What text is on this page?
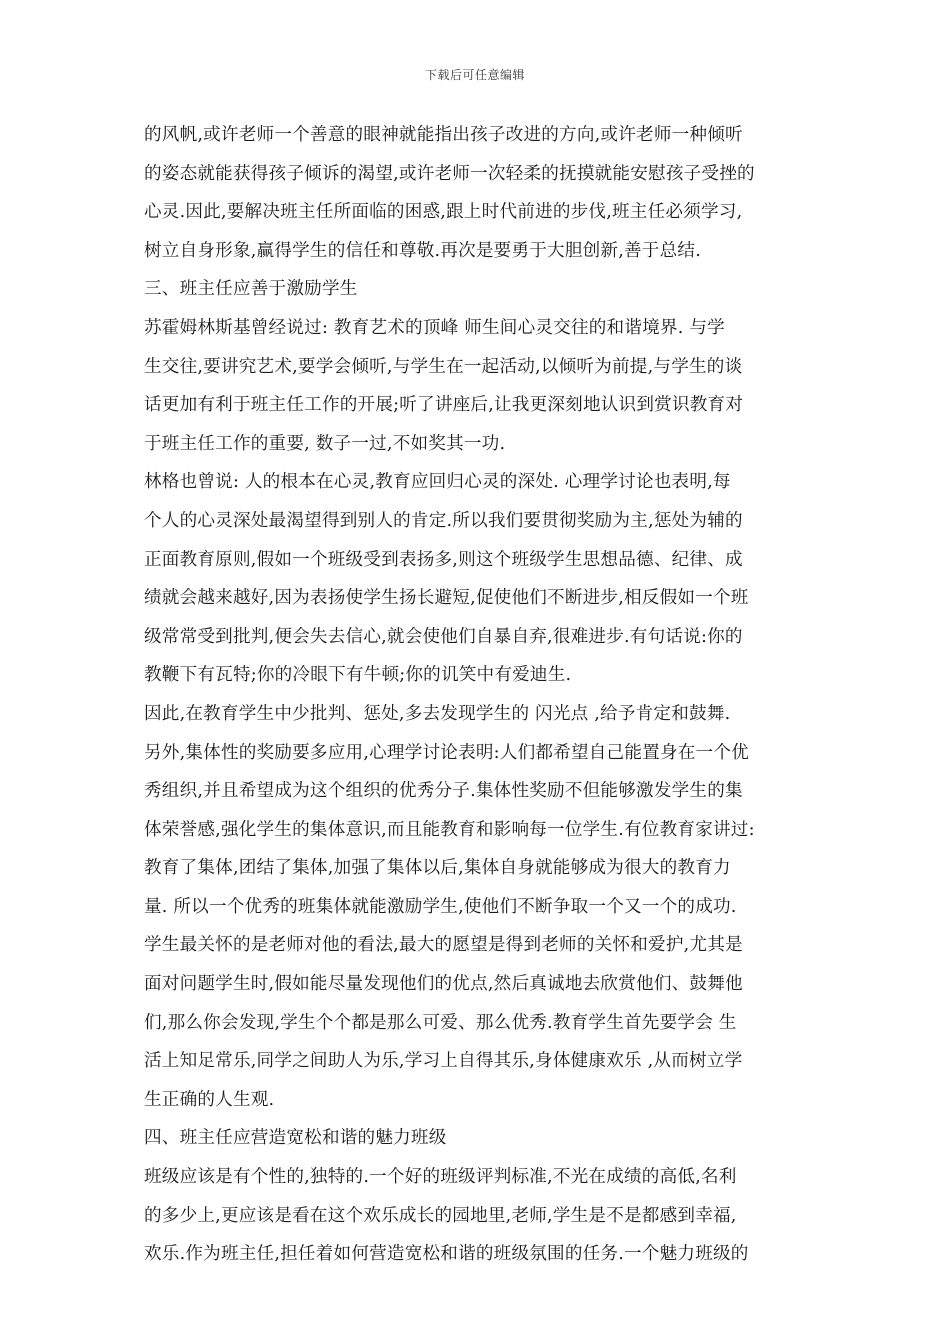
下载后可任意编辑
的风帆,或许老师一个善意的眼神就能指出孩子改进的方向,或许老师一种倾听
的姿态就能获得孩子倾诉的渴望,或许老师一次轻柔的抚摸就能安慰孩子受挫的
心灵.因此,要解决班主任所面临的困惑,跟上时代前进的步伐,班主任必须学习,
树立自身形象,赢得学生的信任和尊敬.再次是要勇于大胆创新,善于总结.
三、班主任应善于激励学生
苏霍姆林斯基曾经说过: 教育艺术的顶峰 师生间心灵交往的和谐境界. 与学
生交往,要讲究艺术,要学会倾听,与学生在一起活动,以倾听为前提,与学生的谈
话更加有利于班主任工作的开展;听了讲座后,让我更深刻地认识到赏识教育对
于班主任工作的重要, 数子一过,不如奖其一功.
林格也曾说: 人的根本在心灵,教育应回归心灵的深处. 心理学讨论也表明,每
个人的心灵深处最渴望得到别人的肯定.所以我们要贯彻奖励为主,惩处为辅的
正面教育原则,假如一个班级受到表扬多,则这个班级学生思想品德、纪律、成
绩就会越来越好,因为表扬使学生扬长避短,促使他们不断进步,相反假如一个班
级常常受到批判,便会失去信心,就会使他们自暴自弃,很难进步.有句话说:你的
教鞭下有瓦特;你的冷眼下有牛顿;你的讥笑中有爱迪生.
因此,在教育学生中少批判、惩处,多去发现学生的 闪光点 ,给予肯定和鼓舞.
另外,集体性的奖励要多应用,心理学讨论表明:人们都希望自己能置身在一个优
秀组织,并且希望成为这个组织的优秀分子.集体性奖励不但能够激发学生的集
体荣誉感,强化学生的集体意识,而且能教育和影响每一位学生.有位教育家讲过:
教育了集体,团结了集体,加强了集体以后,集体自身就能够成为很大的教育力
量. 所以一个优秀的班集体就能激励学生,使他们不断争取一个又一个的成功.
学生最关怀的是老师对他的看法,最大的愿望是得到老师的关怀和爱护,尤其是
面对问题学生时,假如能尽量发现他们的优点,然后真诚地去欣赏他们、鼓舞他
们,那么你会发现,学生个个都是那么可爱、那么优秀.教育学生首先要学会 生
活上知足常乐,同学之间助人为乐,学习上自得其乐,身体健康欢乐 ,从而树立学
生正确的人生观.
四、班主任应营造宽松和谐的魅力班级
班级应该是有个性的,独特的.一个好的班级评判标准,不光在成绩的高低,名利
的多少上,更应该是看在这个欢乐成长的园地里,老师,学生是不是都感到幸福,
欢乐.作为班主任,担任着如何营造宽松和谐的班级氛围的任务.一个魅力班级的
